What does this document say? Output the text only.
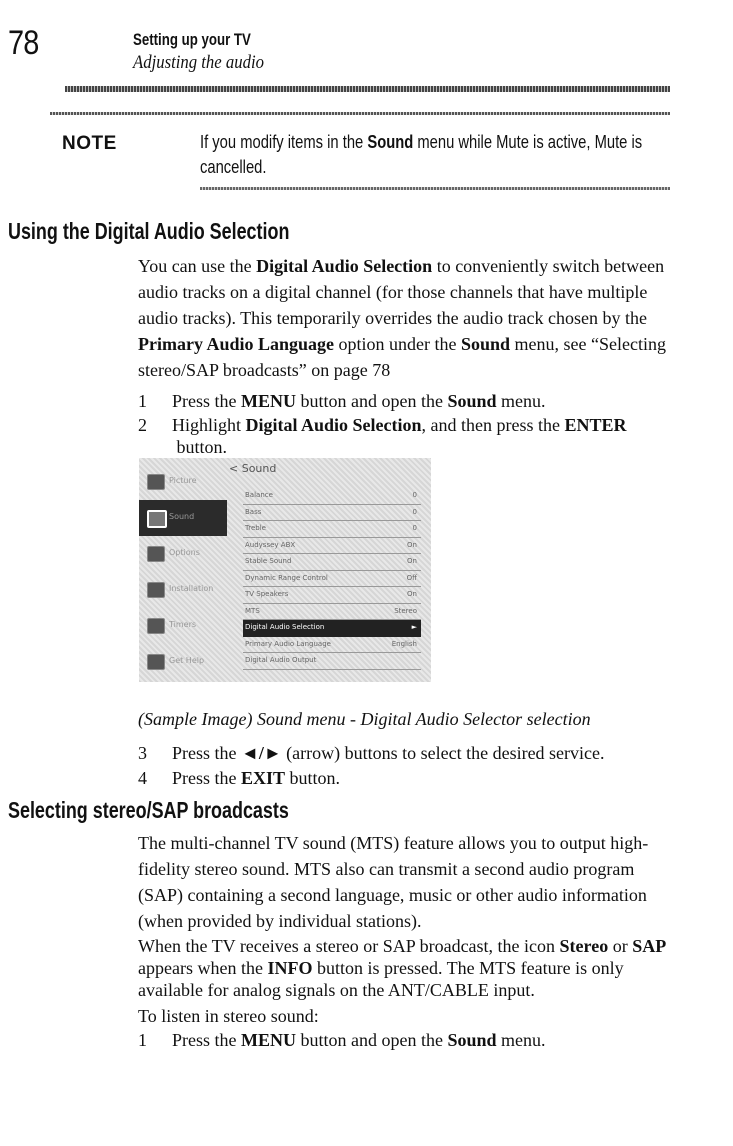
78	Setting up your TV
Adjusting the audio
NOTE	If you modify items in the Sound menu while Mute is active, Mute is cancelled.
Using the Digital Audio Selection
You can use the Digital Audio Selection to conveniently switch between audio tracks on a digital channel (for those channels that have multiple audio tracks). This temporarily overrides the audio track chosen by the Primary Audio Language option under the Sound menu, see “Selecting stereo/SAP broadcasts” on page 78
1 Press the MENU button and open the Sound menu.
2 Highlight Digital Audio Selection, and then press the ENTER
button.
Picture
Sound
Options
Installation
Timers
Get Help
< Sound
Balance	0
Bass	0
Treble	0
Audyssey ABX	On
Stable Sound	On
Dynamic Range Control	Off
TV Speakers	On
MTS	Stereo
Digital Audio Selection	►
Primary Audio Language	English
Digital Audio Output
(Sample Image) Sound menu - Digital Audio Selector selection
3 Press the ◄/► (arrow) buttons to select the desired service.
4 Press the EXIT button.
Selecting stereo/SAP broadcasts
The multi-channel TV sound (MTS) feature allows you to output high-fidelity stereo sound. MTS also can transmit a second audio program (SAP) containing a second language, music or other audio information (when provided by individual stations).
When the TV receives a stereo or SAP broadcast, the icon Stereo or SAP appears when the INFO button is pressed. The MTS feature is only available for analog signals on the ANT/CABLE input.
To listen in stereo sound:
1 Press the MENU button and open the Sound menu.
